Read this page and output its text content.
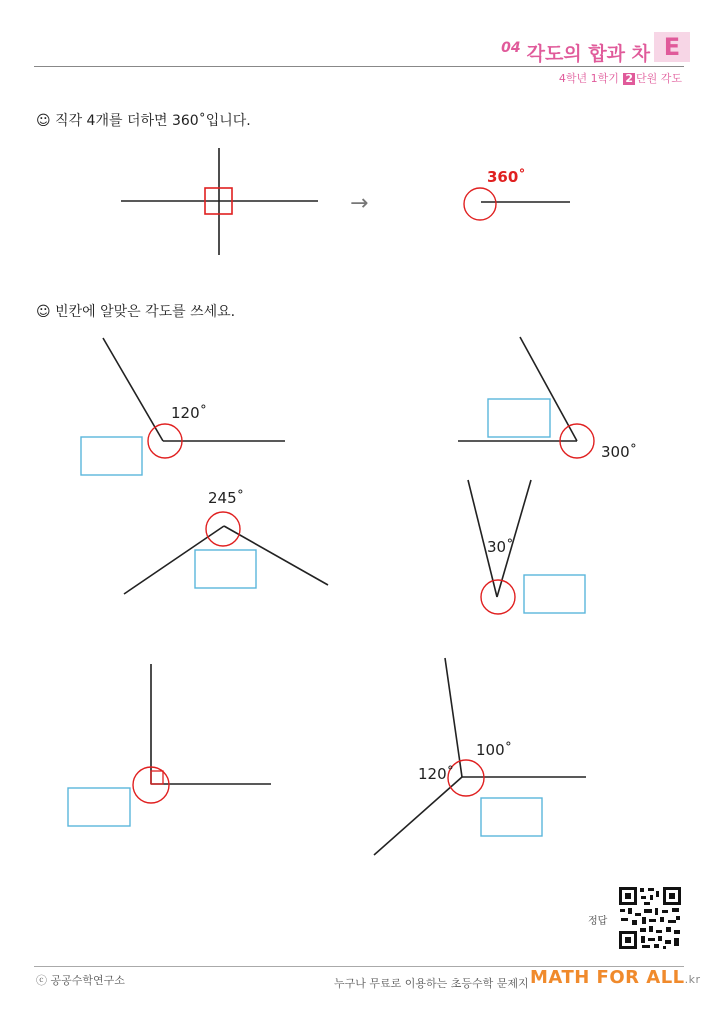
04 각도의 합과 차 E
4학년 1학기 2 단원 각도
☺ 직각 4개를 더하면 360˚입니다.
→
360˚
120˚
300˚
245˚
30˚
100˚
120˚
☺ 빈칸에 알맞은 각도를 쓰세요.
정답
ⓒ 공공수학연구소	누구나 무료로 이용하는 초등수학 문제지 MATH FOR ALL.kr
